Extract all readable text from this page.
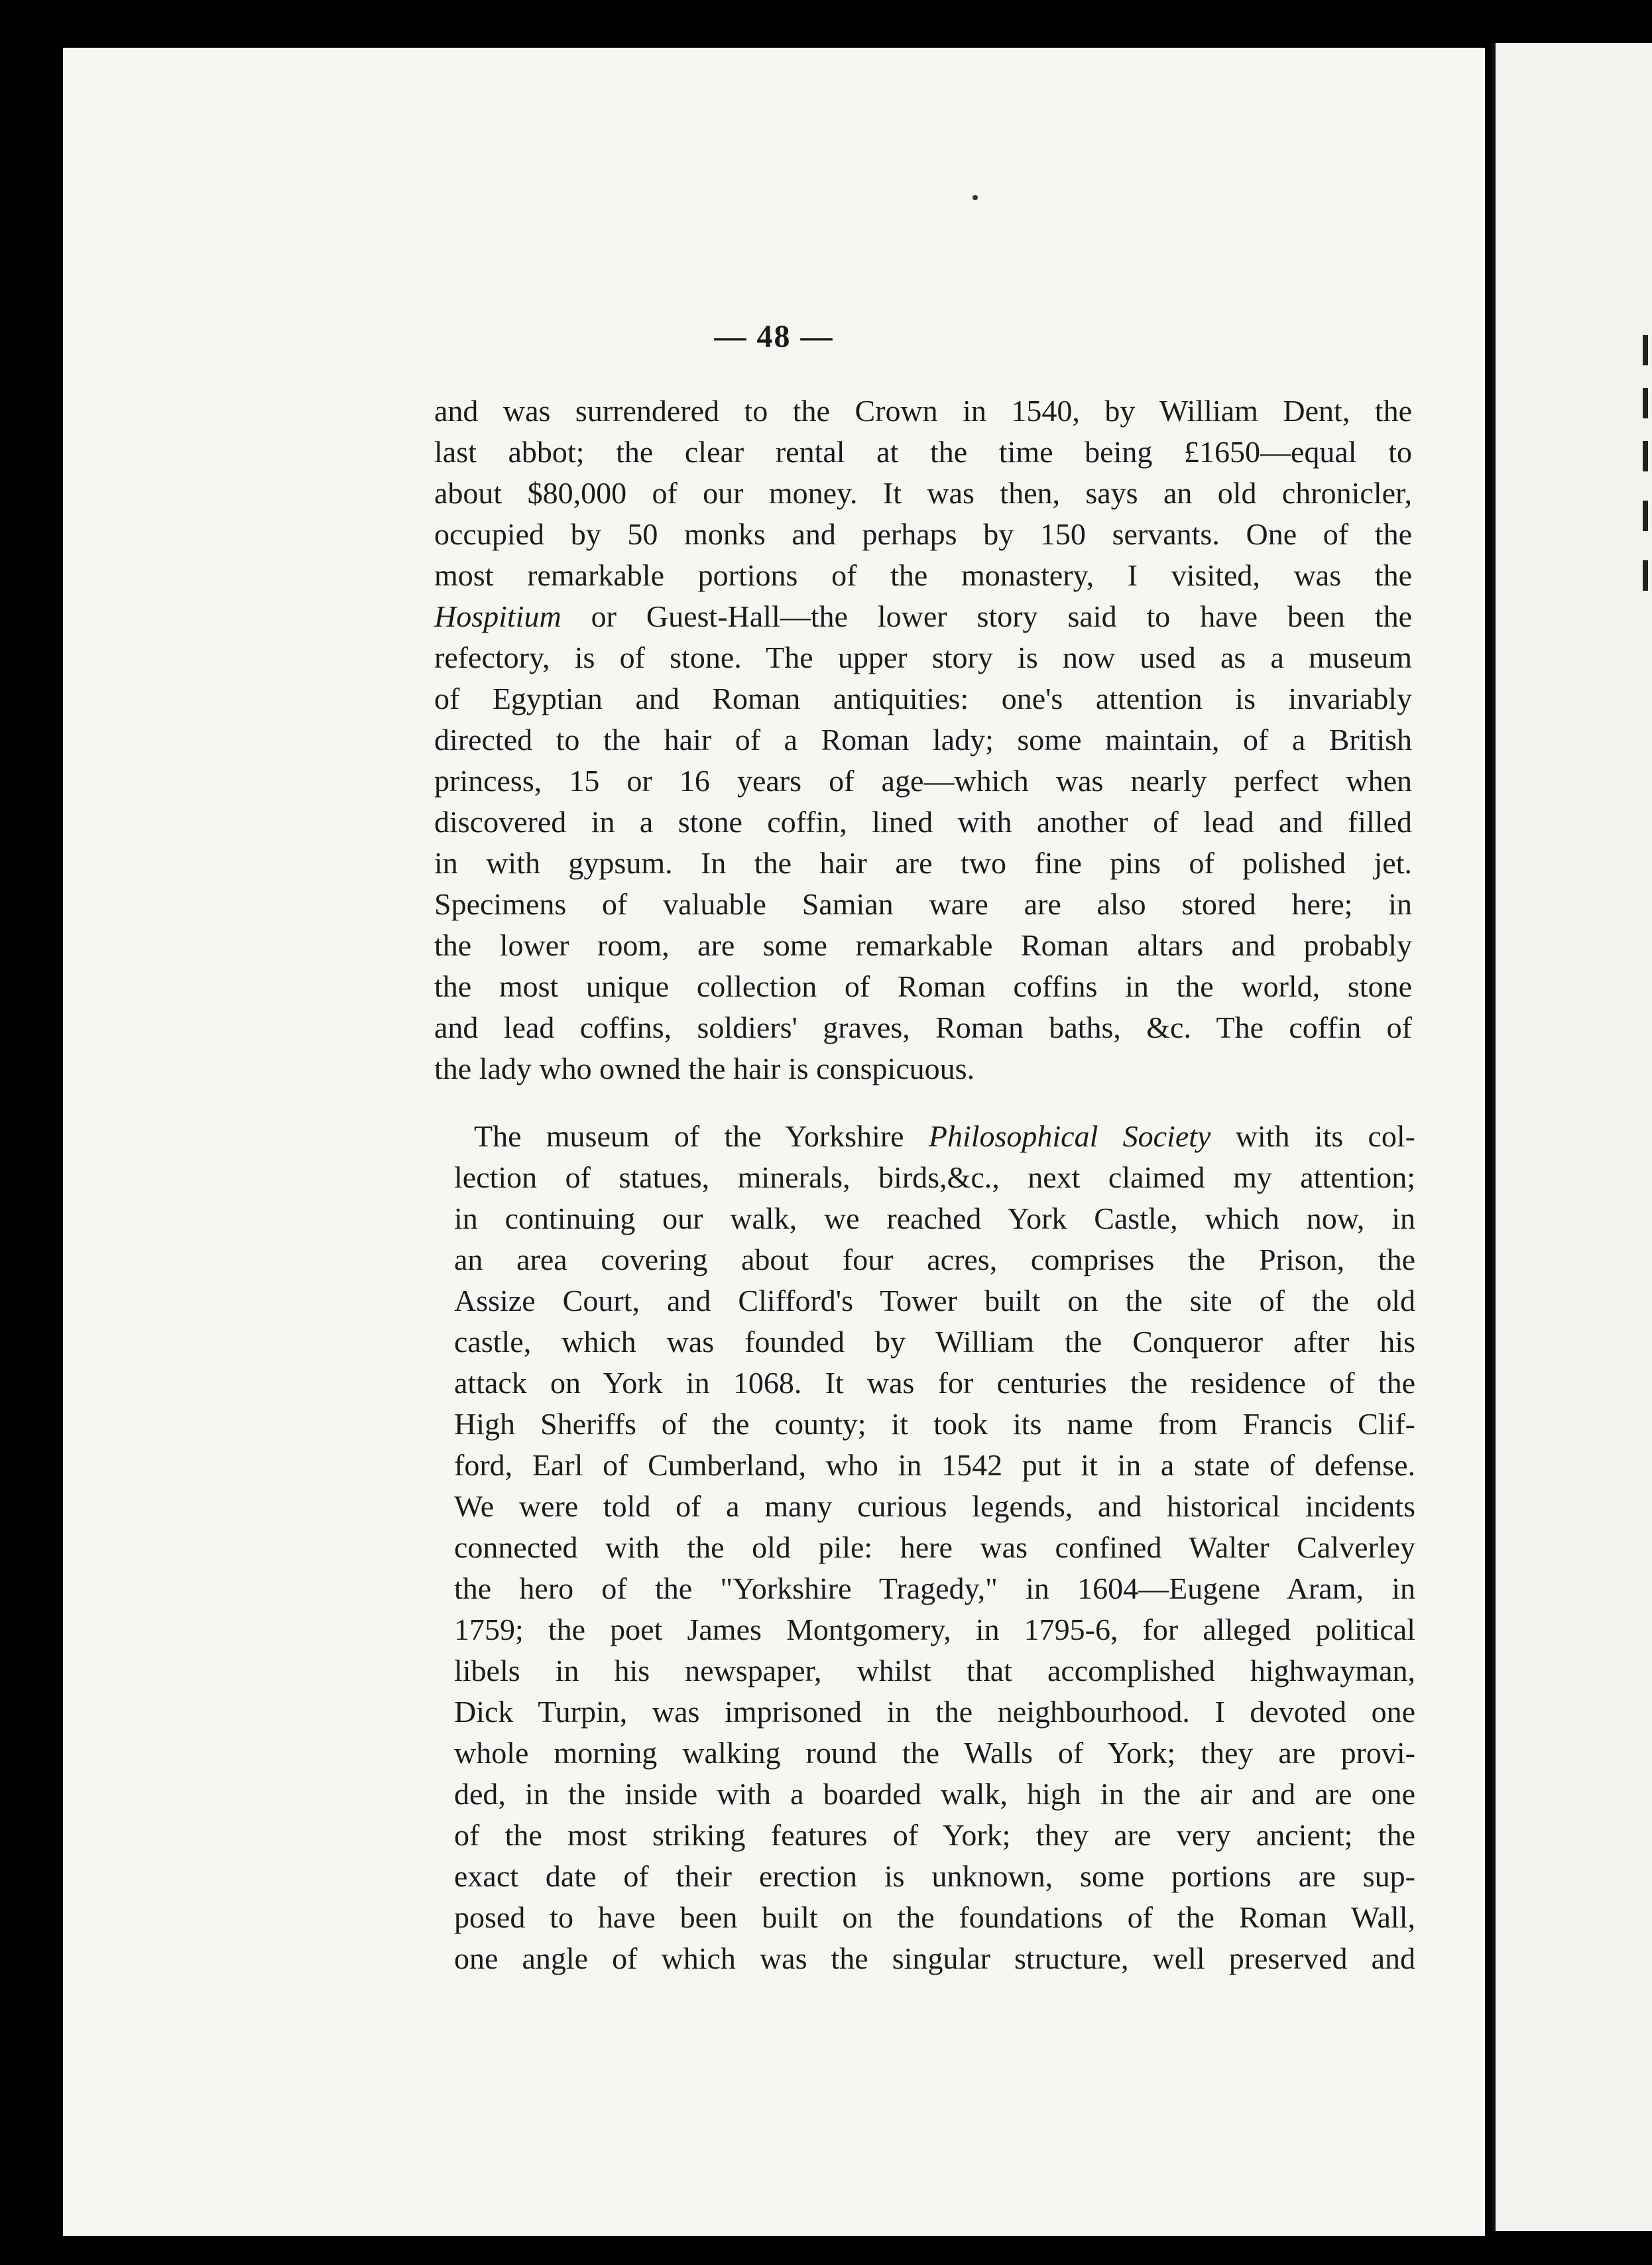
— 48 —
and was surrendered to the Crown in 1540, by William Dent, the
last abbot; the clear rental at the time being £1650—equal to
about $80,000 of our money. It was then, says an old chronicler,
occupied by 50 monks and perhaps by 150 servants. One of the
most remarkable portions of the monastery, I visited, was the
Hospitium or Guest-Hall—the lower story said to have been the
refectory, is of stone. The upper story is now used as a museum
of Egyptian and Roman antiquities: one's attention is invariably
directed to the hair of a Roman lady; some maintain, of a British
princess, 15 or 16 years of age—which was nearly perfect when
discovered in a stone coffin, lined with another of lead and filled
in with gypsum. In the hair are two fine pins of polished jet.
Specimens of valuable Samian ware are also stored here; in
the lower room, are some remarkable Roman altars and probably
the most unique collection of Roman coffins in the world, stone
and lead coffins, soldiers' graves, Roman baths, &c. The coffin of
the lady who owned the hair is conspicuous.
The museum of the Yorkshire Philosophical Society with its col-
lection of statues, minerals, birds,&c., next claimed my attention;
in continuing our walk, we reached York Castle, which now, in
an area covering about four acres, comprises the Prison, the
Assize Court, and Clifford's Tower built on the site of the old
castle, which was founded by William the Conqueror after his
attack on York in 1068. It was for centuries the residence of the
High Sheriffs of the county; it took its name from Francis Clif-
ford, Earl of Cumberland, who in 1542 put it in a state of defense.
We were told of a many curious legends, and historical incidents
connected with the old pile: here was confined Walter Calverley
the hero of the "Yorkshire Tragedy," in 1604—Eugene Aram, in
1759; the poet James Montgomery, in 1795-6, for alleged political
libels in his newspaper, whilst that accomplished highwayman,
Dick Turpin, was imprisoned in the neighbourhood. I devoted one
whole morning walking round the Walls of York; they are provi-
ded, in the inside with a boarded walk, high in the air and are one
of the most striking features of York; they are very ancient; the
exact date of their erection is unknown, some portions are sup-
posed to have been built on the foundations of the Roman Wall,
one angle of which was the singular structure, well preserved and
